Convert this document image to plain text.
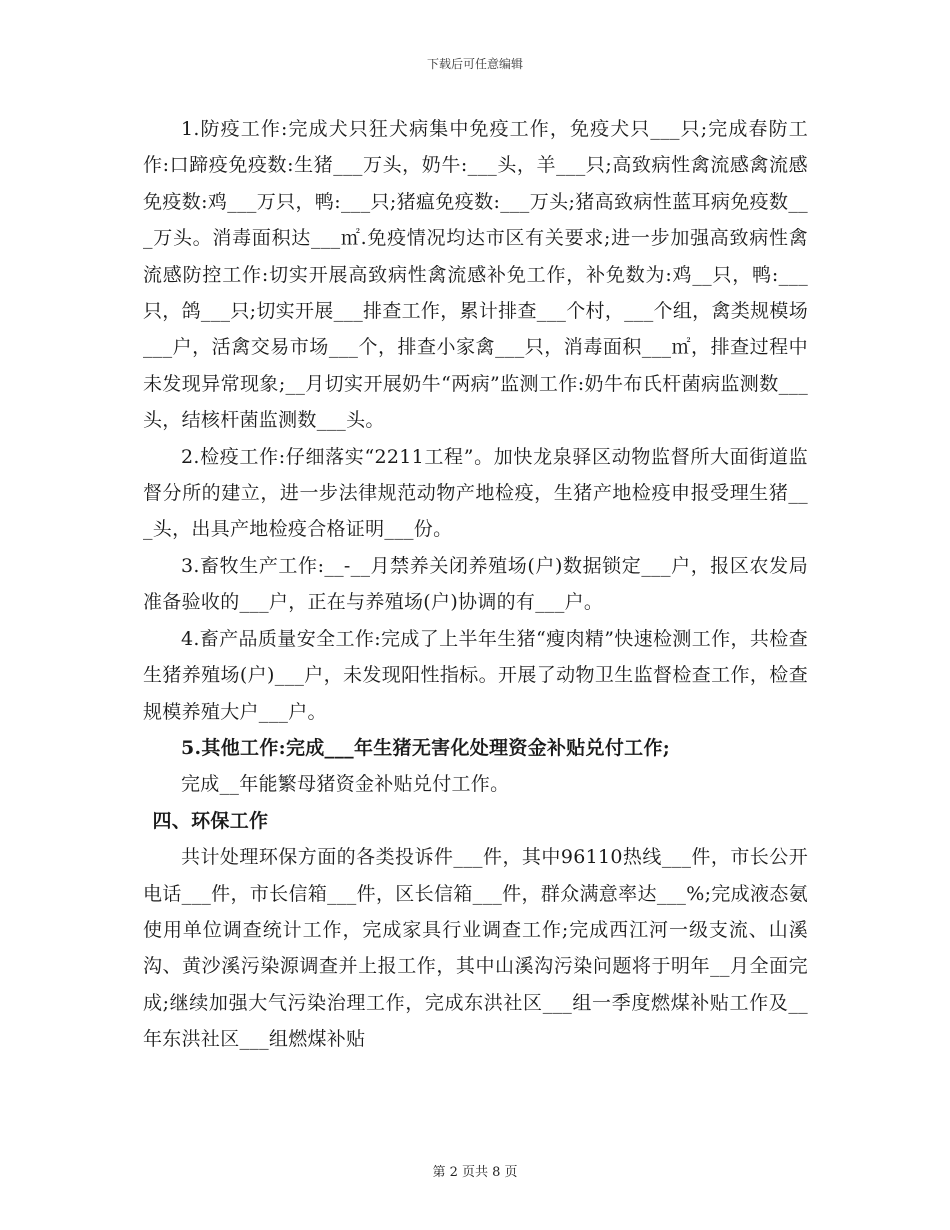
下载后可任意编辑

1.防疫工作:完成犬只狂犬病集中免疫工作，免疫犬只___只;完成春防工作:口蹄疫免疫数:生猪___万头，奶牛:___头，羊___只;高致病性禽流感禽流感免疫数:鸡___万只，鸭:___只;猪瘟免疫数:___万头;猪高致病性蓝耳病免疫数___万头。消毒面积达___㎡.免疫情况均达市区有关要求;进一步加强高致病性禽流感防控工作:切实开展高致病性禽流感补免工作，补免数为:鸡__只，鸭:___只，鸽___只;切实开展___排查工作，累计排查___个村，___个组，禽类规模场___户，活禽交易市场___个，排查小家禽___只，消毒面积___㎡，排查过程中未发现异常现象;__月切实开展奶牛“两病”监测工作:奶牛布氏杆菌病监测数___头，结核杆菌监测数___头。

2.检疫工作:仔细落实“2211工程”。加快龙泉驿区动物监督所大面街道监督分所的建立，进一步法律规范动物产地检疫，生猪产地检疫申报受理生猪___头，出具产地检疫合格证明___份。

3.畜牧生产工作:__-__月禁养关闭养殖场(户)数据锁定___户，报区农发局准备验收的___户，正在与养殖场(户)协调的有___户。

4.畜产品质量安全工作:完成了上半年生猪“瘦肉精”快速检测工作，共检查生猪养殖场(户)___户，未发现阳性指标。开展了动物卫生监督检查工作，检查规模养殖大户___户。

5.其他工作:完成___年生猪无害化处理资金补贴兑付工作;

完成__年能繁母猪资金补贴兑付工作。

四、环保工作

共计处理环保方面的各类投诉件___件，其中96110热线___件，市长公开电话___件，市长信箱___件，区长信箱___件，群众满意率达___%;完成液态氨使用单位调查统计工作，完成家具行业调查工作;完成西江河一级支流、山溪沟、黄沙溪污染源调查并上报工作，其中山溪沟污染问题将于明年__月全面完成;继续加强大气污染治理工作，完成东洪社区___组一季度燃煤补贴工作及__年东洪社区___组燃煤补贴

第 2 页共 8 页
